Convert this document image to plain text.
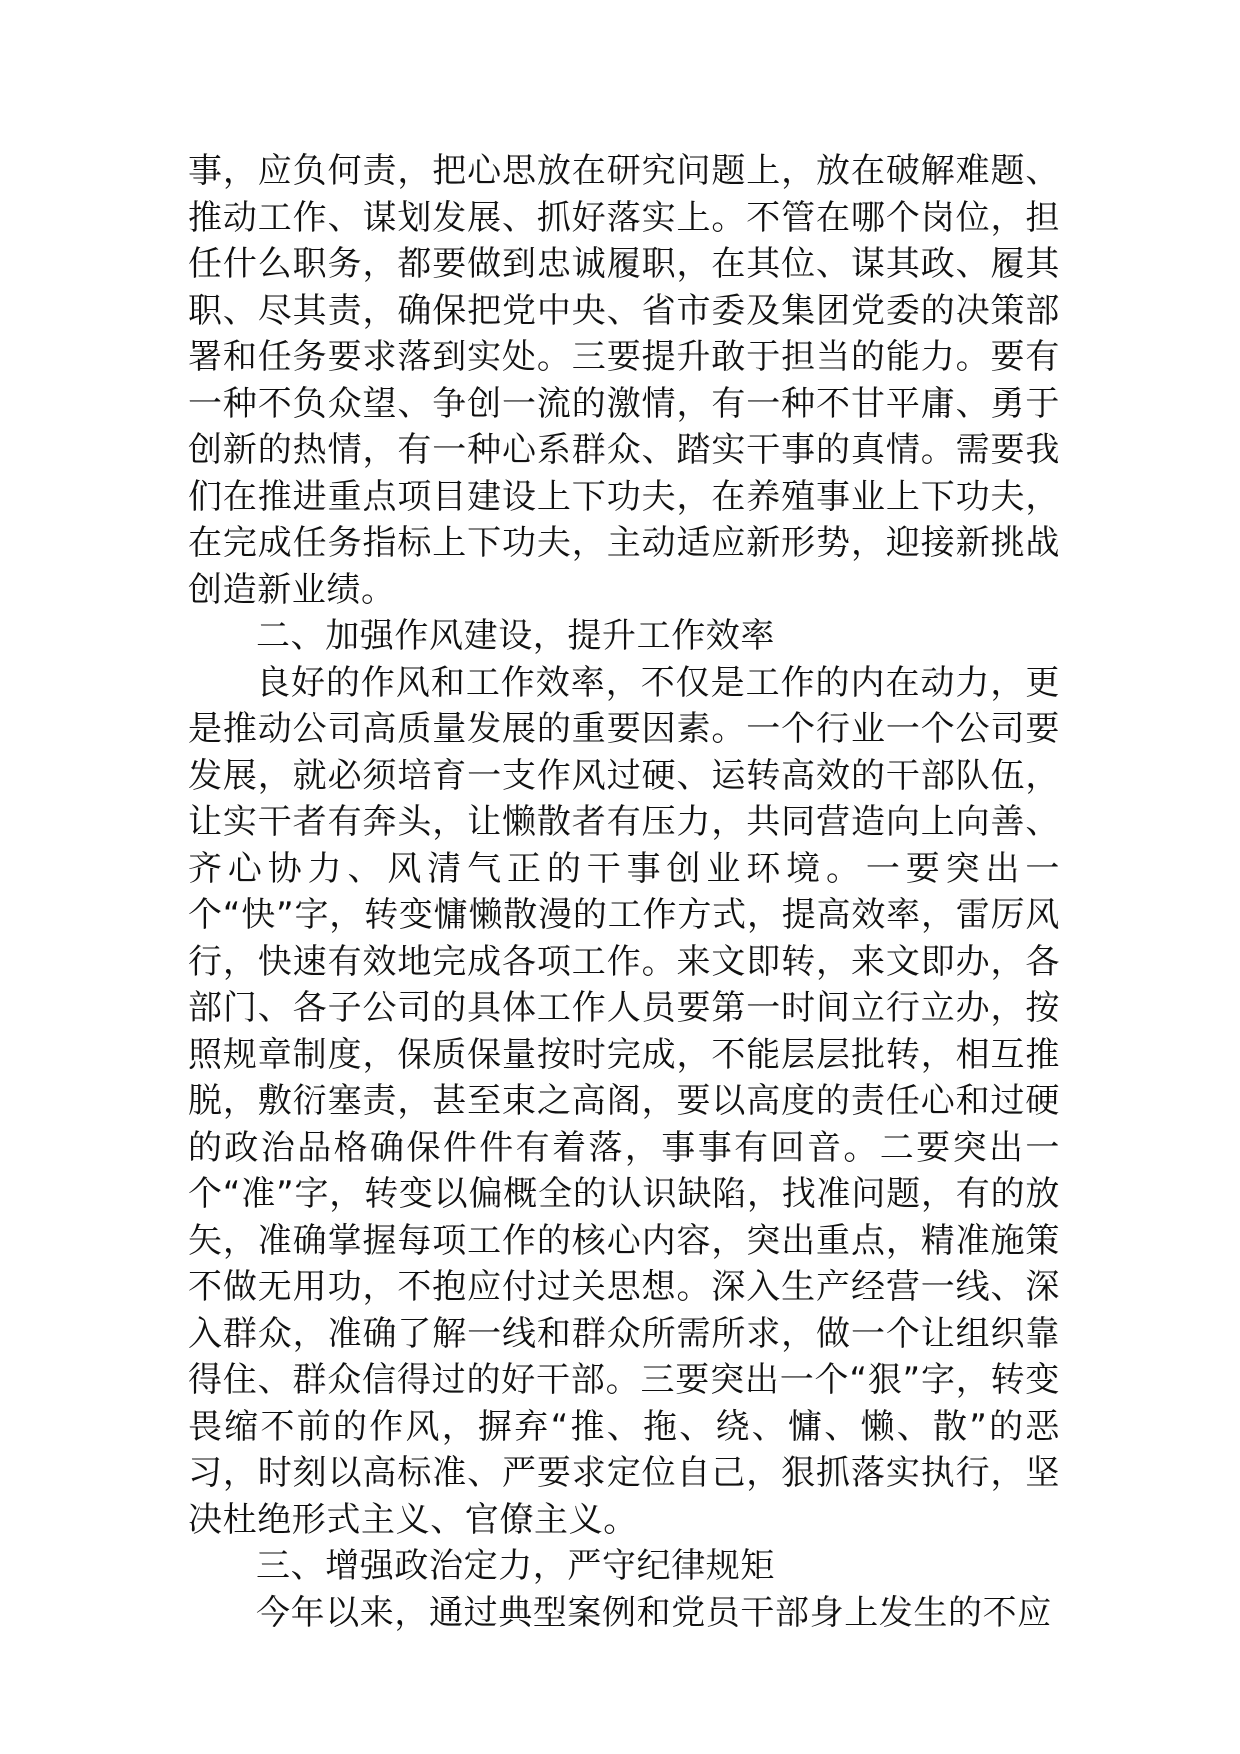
事，应负何责，把心思放在研究问题上，放在破解难题、推动工作、谋划发展、抓好落实上。不管在哪个岗位，担任什么职务，都要做到忠诚履职，在其位、谋其政、履其职、尽其责，确保把党中央、省市委及集团党委的决策部署和任务要求落到实处。三要提升敢于担当的能力。要有一种不负众望、争创一流的激情，有一种不甘平庸、勇于创新的热情，有一种心系群众、踏实干事的真情。需要我们在推进重点项目建设上下功夫，在养殖事业上下功夫，在完成任务指标上下功夫，主动适应新形势，迎接新挑战创造新业绩。

二、加强作风建设，提升工作效率

良好的作风和工作效率，不仅是工作的内在动力，更是推动公司高质量发展的重要因素。一个行业一个公司要发展，就必须培育一支作风过硬、运转高效的干部队伍，让实干者有奔头，让懒散者有压力，共同营造向上向善、齐心协力、风清气正的干事创业环境。一要突出一个“快”字，转变慵懒散漫的工作方式，提高效率，雷厉风行，快速有效地完成各项工作。来文即转，来文即办，各部门、各子公司的具体工作人员要第一时间立行立办，按照规章制度，保质保量按时完成，不能层层批转，相互推脱，敷衍塞责，甚至束之高阁，要以高度的责任心和过硬的政治品格确保件件有着落，事事有回音。二要突出一个“准”字，转变以偏概全的认识缺陷，找准问题，有的放矢，准确掌握每项工作的核心内容，突出重点，精准施策不做无用功，不抱应付过关思想。深入生产经营一线、深入群众，准确了解一线和群众所需所求，做一个让组织靠得住、群众信得过的好干部。三要突出一个“狠”字，转变畏缩不前的作风，摒弃“推、拖、绕、慵、懒、散”的恶习，时刻以高标准、严要求定位自己，狠抓落实执行，坚决杜绝形式主义、官僚主义。

三、增强政治定力，严守纪律规矩

今年以来，通过典型案例和党员干部身上发生的不应
